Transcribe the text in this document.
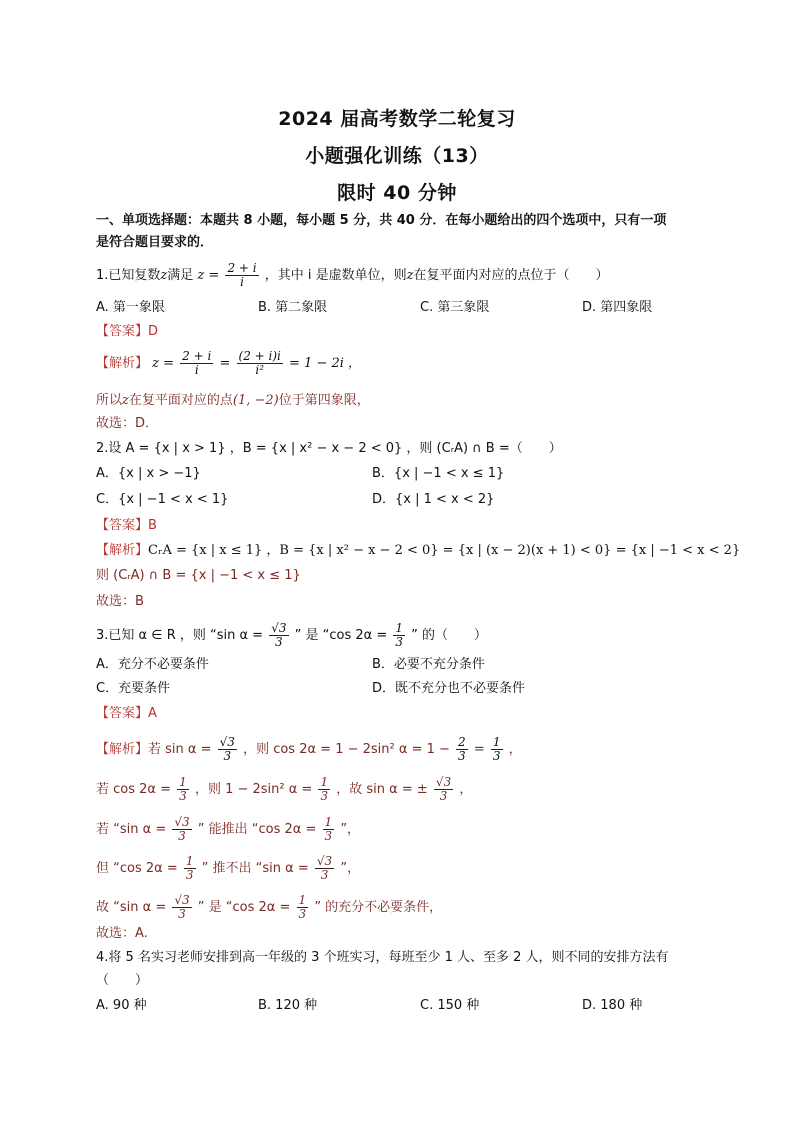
2024 届高考数学二轮复习
小题强化训练（13）
限时 40 分钟
一、单项选择题：本题共 8 小题，每小题 5 分，共 40 分．在每小题给出的四个选项中，只有一项
是符合题目要求的．
1.已知复数z满足 $z = \frac{2 + i}{i}$ ，其中 i 是虚数单位，则z在复平面内对应的点位于（　　）
A. 第一象限	B. 第二象限	C. 第三象限	D. 第四象限
【答案】D
【解析】 $z = \frac{2 + i}{i} = \frac{(2 + i)i}{\text{i²}} = 1 - 2i$ ，
所以z在复平面对应的点(1, −2)位于第四象限，
故选：D．
2.设 A = {x | x > 1} ，B = {x | x² − x − 2 < 0} ，则 (CᵣA) ∩ B =（　　）
A．{x | x > −1}	B．{x | −1 < x ≤ 1}
C．{x | −1 < x < 1}	D．{x | 1 < x < 2}
【答案】B
【解析】CᵣA = {x | x ≤ 1} ，B = {x | x² − x − 2 < 0} = {x | (x − 2)(x + 1) < 0} = {x | −1 < x < 2}
则 (CᵣA) ∩ B = {x | −1 < x ≤ 1}
故选：B
3.已知 α ∈ R ，则 “sin $\alpha = \frac{√3}{3}$ ” 是 “cos $2\alpha = \frac{1}{3}$ ” 的（　　）
A．充分不必要条件	B．必要不充分条件
C．充要条件	D．既不充分也不必要条件
【答案】A
【解析】若 $\sin \alpha = \frac{√3}{3}$ ，则 cos 2α = 1 − 2sin² $\alpha = 1 - \frac{2}{3} = \frac{1}{3}$ ，
若 $\cos 2\alpha = \frac{1}{3}$ ，则 1 − 2sin² $\alpha = \frac{1}{3}$ ，故 sin α = ± $\frac{√3}{3}$ ，
若 “sin $\alpha = \frac{√3}{3}$ ” 能推出 “cos $2\alpha = \frac{1}{3}$ ”，
但 “cos $2\alpha = \frac{1}{3}$ ” 推不出 “sin $\alpha = \frac{√3}{3}$ ”，
故 “sin $\alpha = \frac{√3}{3}$ ” 是 “cos $2\alpha = \frac{1}{3}$ ” 的充分不必要条件，
故选：A.
4.将 5 名实习老师安排到高一年级的 3 个班实习，每班至少 1 人、至多 2 人，则不同的安排方法有
（　　）
A. 90 种	B. 120 种	C. 150 种	D. 180 种
